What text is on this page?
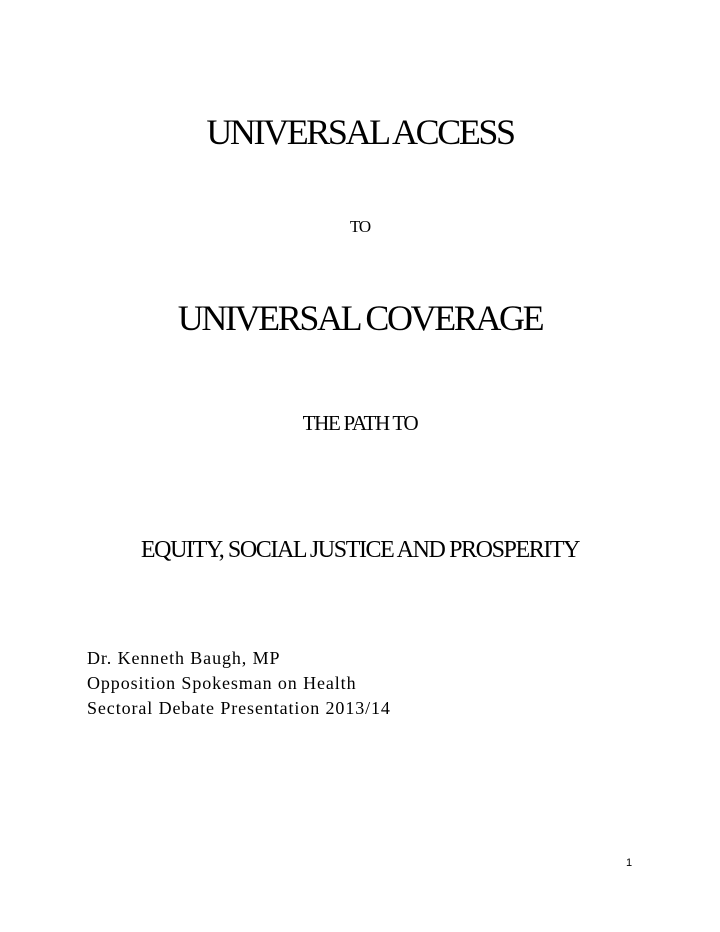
UNIVERSAL ACCESS
TO
UNIVERSAL COVERAGE
THE PATH TO
EQUITY, SOCIAL JUSTICE AND PROSPERITY
Dr. Kenneth Baugh, MP
Opposition Spokesman on Health
Sectoral Debate Presentation 2013/14
1
